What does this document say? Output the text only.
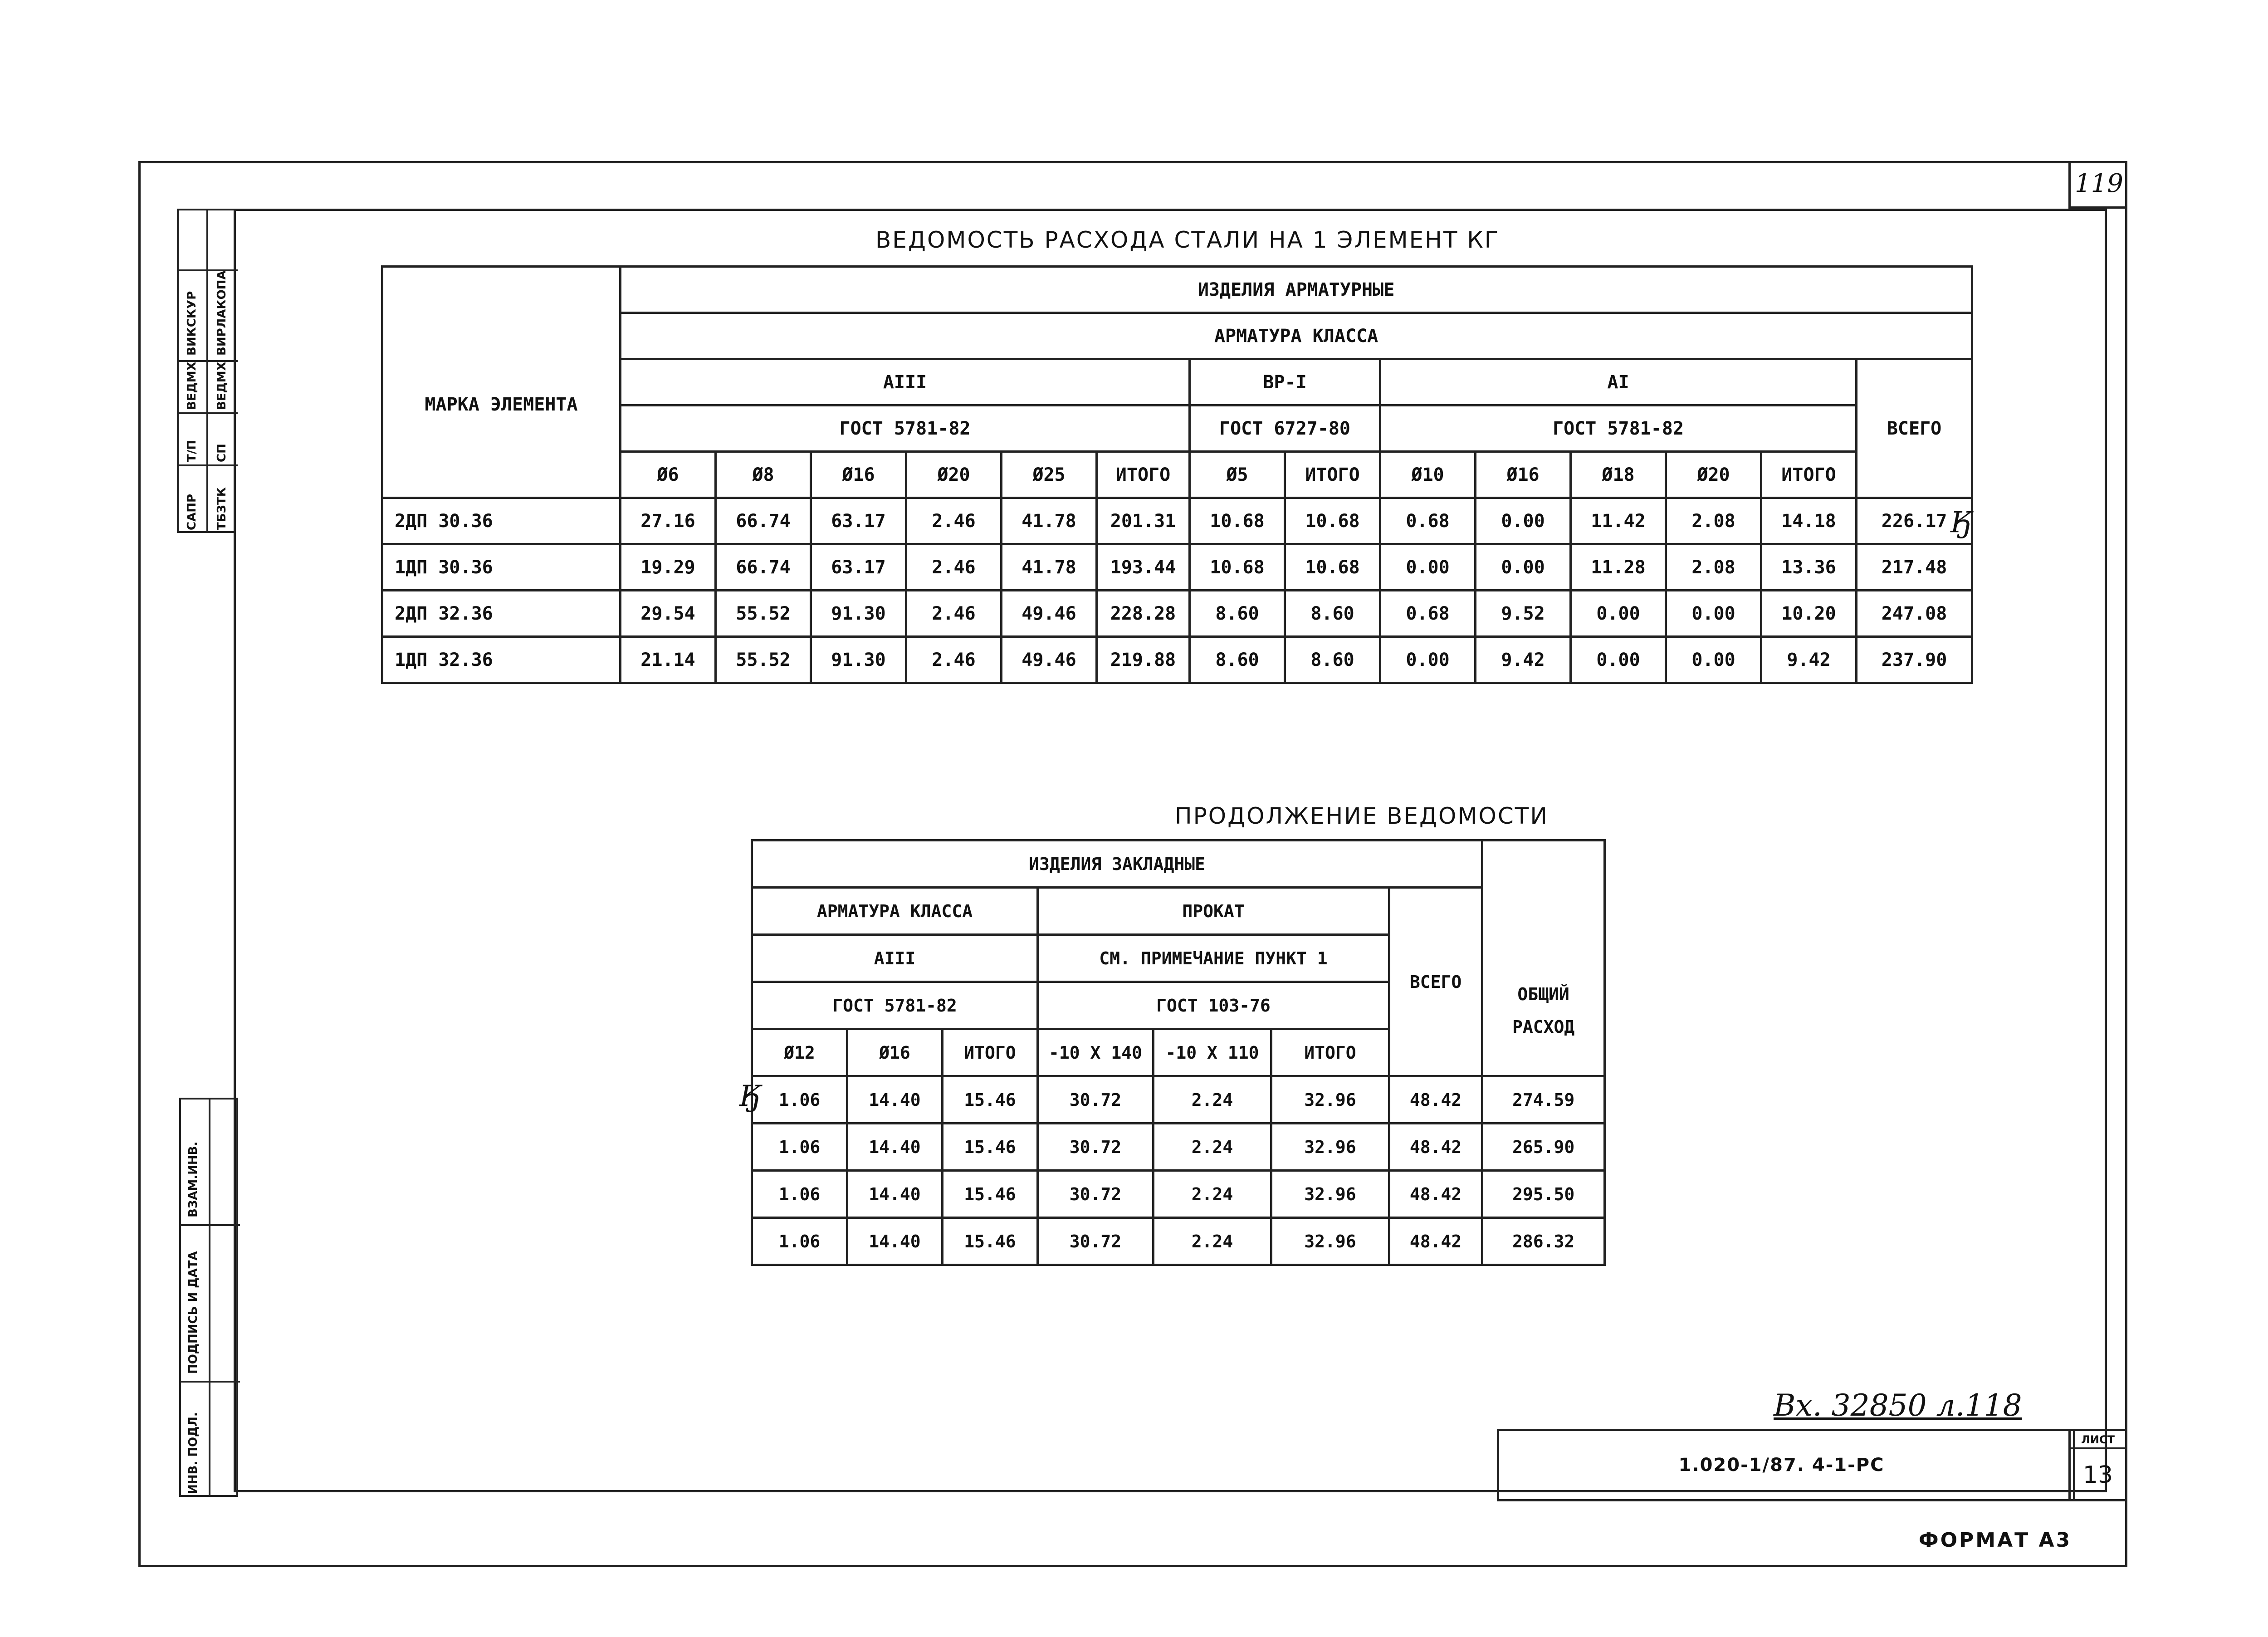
119
САПР
Т/П
ВЕДМХ
ВИКСКУР
ТБЗТК
СП
ВЕДМХ
ВИРЛАКОПА
ВЗАМ.ИНВ.
ПОДПИСЬ И ДАТА
ИНВ. ПОДЛ.
ВЕДОМОСТЬ РАСХОДА СТАЛИ НА 1 ЭЛЕМЕНТ КГ
	ИЗДЕЛИЯ АРМАТУРНЫЕ													
МАРКА ЭЛЕМЕНТА	АРМАТУРА КЛАССА													
	АIII						ВР-I		АI					ВСЕГО
	ГОСТ 5781-82						ГОСТ 6727-80		ГОСТ 5781-82					
	Ø6	Ø8	Ø16	Ø20	Ø25	ИТОГО	Ø5	ИТОГО	Ø10	Ø16	Ø18	Ø20	ИТОГО	
2ДП 30.36	27.16	66.74	63.17	2.46	41.78	201.31	10.68	10.68	0.68	0.00	11.42	2.08	14.18	226.17
1ДП 30.36	19.29	66.74	63.17	2.46	41.78	193.44	10.68	10.68	0.00	0.00	11.28	2.08	13.36	217.48
2ДП 32.36	29.54	55.52	91.30	2.46	49.46	228.28	8.60	8.60	0.68	9.52	0.00	0.00	10.20	247.08
1ДП 32.36	21.14	55.52	91.30	2.46	49.46	219.88	8.60	8.60	0.00	9.42	0.00	0.00	9.42	237.90
Ӄ
ПРОДОЛЖЕНИЕ ВЕДОМОСТИ
ИЗДЕЛИЯ ЗАКЛАДНЫЕ							ОБЩИЙ РАСХОД
АРМАТУРА КЛАССА			ПРОКАТ			ВСЕГО	
АIII			СМ. ПРИМЕЧАНИЕ ПУНКТ 1				
ГОСТ 5781-82			ГОСТ 103-76				
Ø12	Ø16	ИТОГО	-10 X 140	-10 X 110	ИТОГО		
1.06	14.40	15.46	30.72	2.24	32.96	48.42	274.59
1.06	14.40	15.46	30.72	2.24	32.96	48.42	265.90
1.06	14.40	15.46	30.72	2.24	32.96	48.42	295.50
1.06	14.40	15.46	30.72	2.24	32.96	48.42	286.32
Ӄ
Вх. 32850 л.118
1.020-1/87. 4-1-РС
ЛИСТ
13
ФОРМАТ А3
